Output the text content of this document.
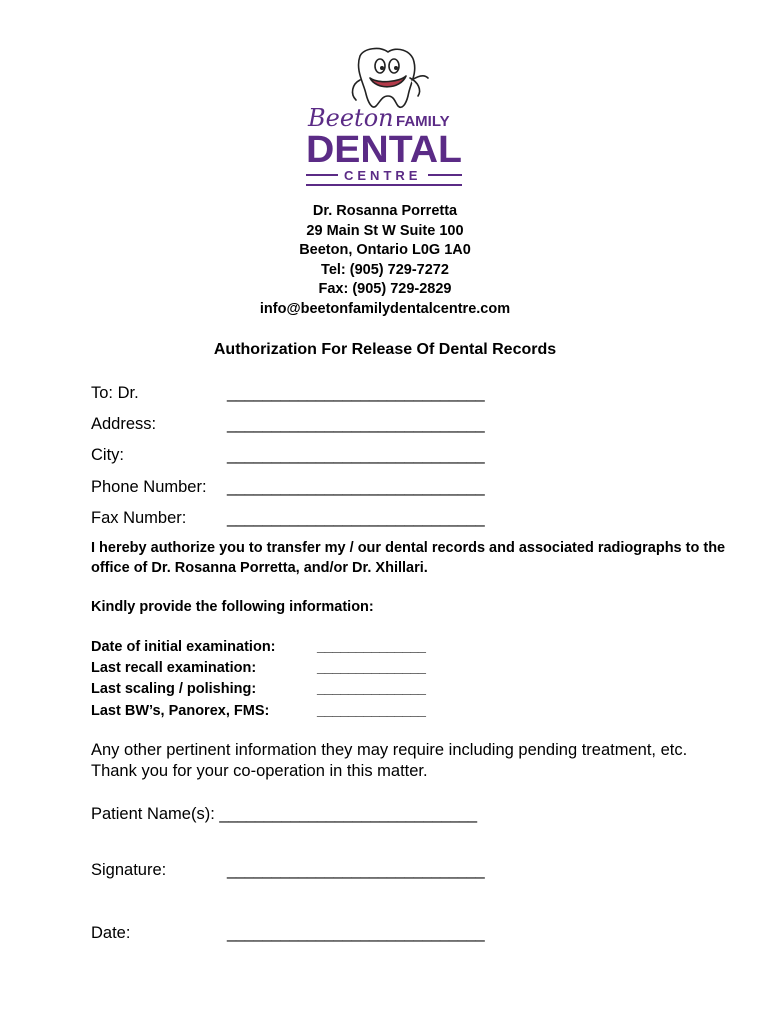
Beeton FAMILY
DENTAL
CENTRE
Dr. Rosanna Porretta
29 Main St W Suite 100
Beeton, Ontario L0G 1A0
Tel: (905) 729-7272
Fax: (905) 729-2829
info@beetonfamilydentalcentre.com
Authorization For Release Of Dental Records
To: Dr.	_____________________________
Address:	_____________________________
City:	_____________________________
Phone Number: _____________________________
Fax Number: _____________________________
I hereby authorize you to transfer my / our dental records and associated radiographs to the office of Dr. Rosanna Porretta, and/or Dr. Xhillari.
Kindly provide the following information:
Date of initial examination:	______________
Last recall examination:	______________
Last scaling / polishing:	______________
Last BW’s, Panorex, FMS:	______________
Any other pertinent information they may require including pending treatment, etc. Thank you for your co-operation in this matter.
Patient Name(s): _____________________________
Signature:	_____________________________
Date:	_____________________________
